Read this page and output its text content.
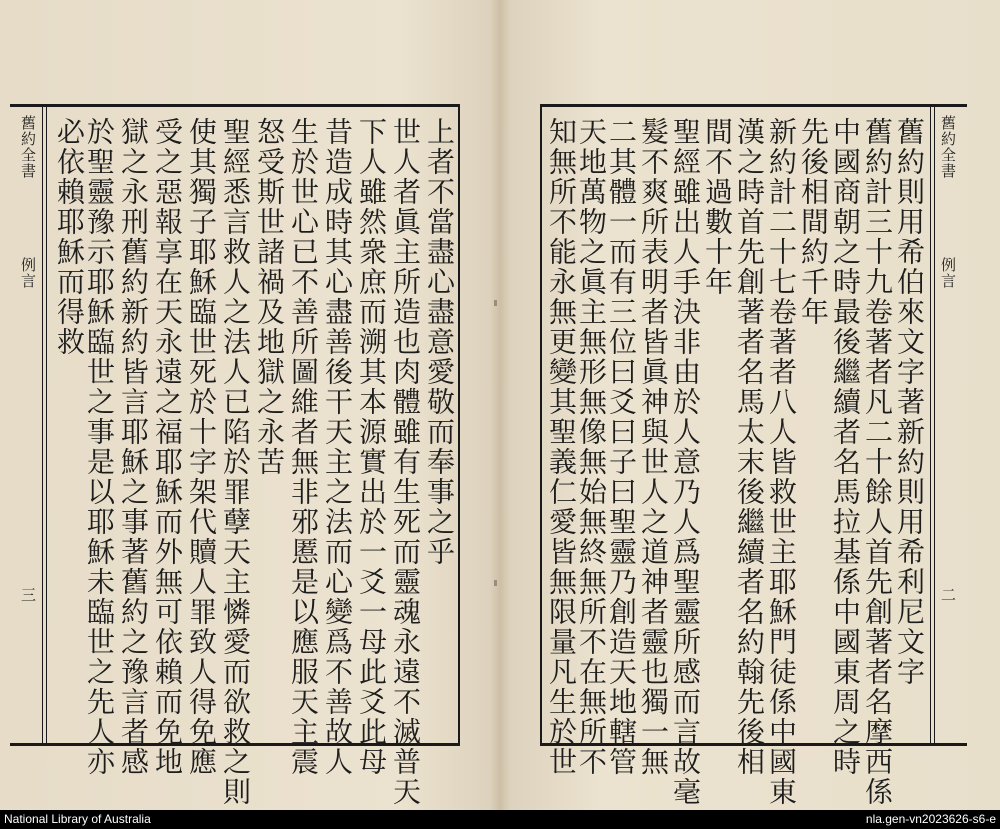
舊約全書
例言
三
上者不當盡心盡意愛敬而奉事之乎
世人者眞主所造也肉體雖有生死而靈魂永遠不滅普天
下人雖然衆庶而溯其本源實出於一爻一母此爻此母
昔造成時其心盡善後干天主之法而心變爲不善故人
生於世心已不善所圖維者無非邪慝是以應服天主震
怒受斯世諸禍及地獄之永苦
聖經悉言救人之法人已陷於罪孽天主憐愛而欲救之則
使其獨子耶穌臨世死於十字架代贖人罪致人得免應
受之惡報享在天永遠之福耶穌而外無可依賴而免地
獄之永刑舊約新約皆言耶穌之事著舊約之豫言者感
於聖靈豫示耶穌臨世之事是以耶穌未臨世之先人亦
必依賴耶穌而得救	舊約全書
例言
二
舊約則用希伯來文字著新約則用希利尼文字
舊約計三十九卷著者凡二十餘人首先創著者名摩西係
中國商朝之時最後繼續者名馬拉基係中國東周之時
先後相間約千年
新約計二十七卷著者八人皆救世主耶穌門徒係中國東
漢之時首先創著者名馬太末後繼續者名約翰先後相
間不過數十年
聖經雖出人手決非由於人意乃人爲聖靈所感而言故毫
髮不爽所表明者皆眞神與世人之道神者靈也獨一無
二其體一而有三位曰爻曰子曰聖靈乃創造天地轄管
天地萬物之眞主無形無像無始無終無所不在無所不
知無所不能永無更變其聖義仁愛皆無限量凡生於世
National Library of Australia	nla.gen-vn2023626-s6-e
